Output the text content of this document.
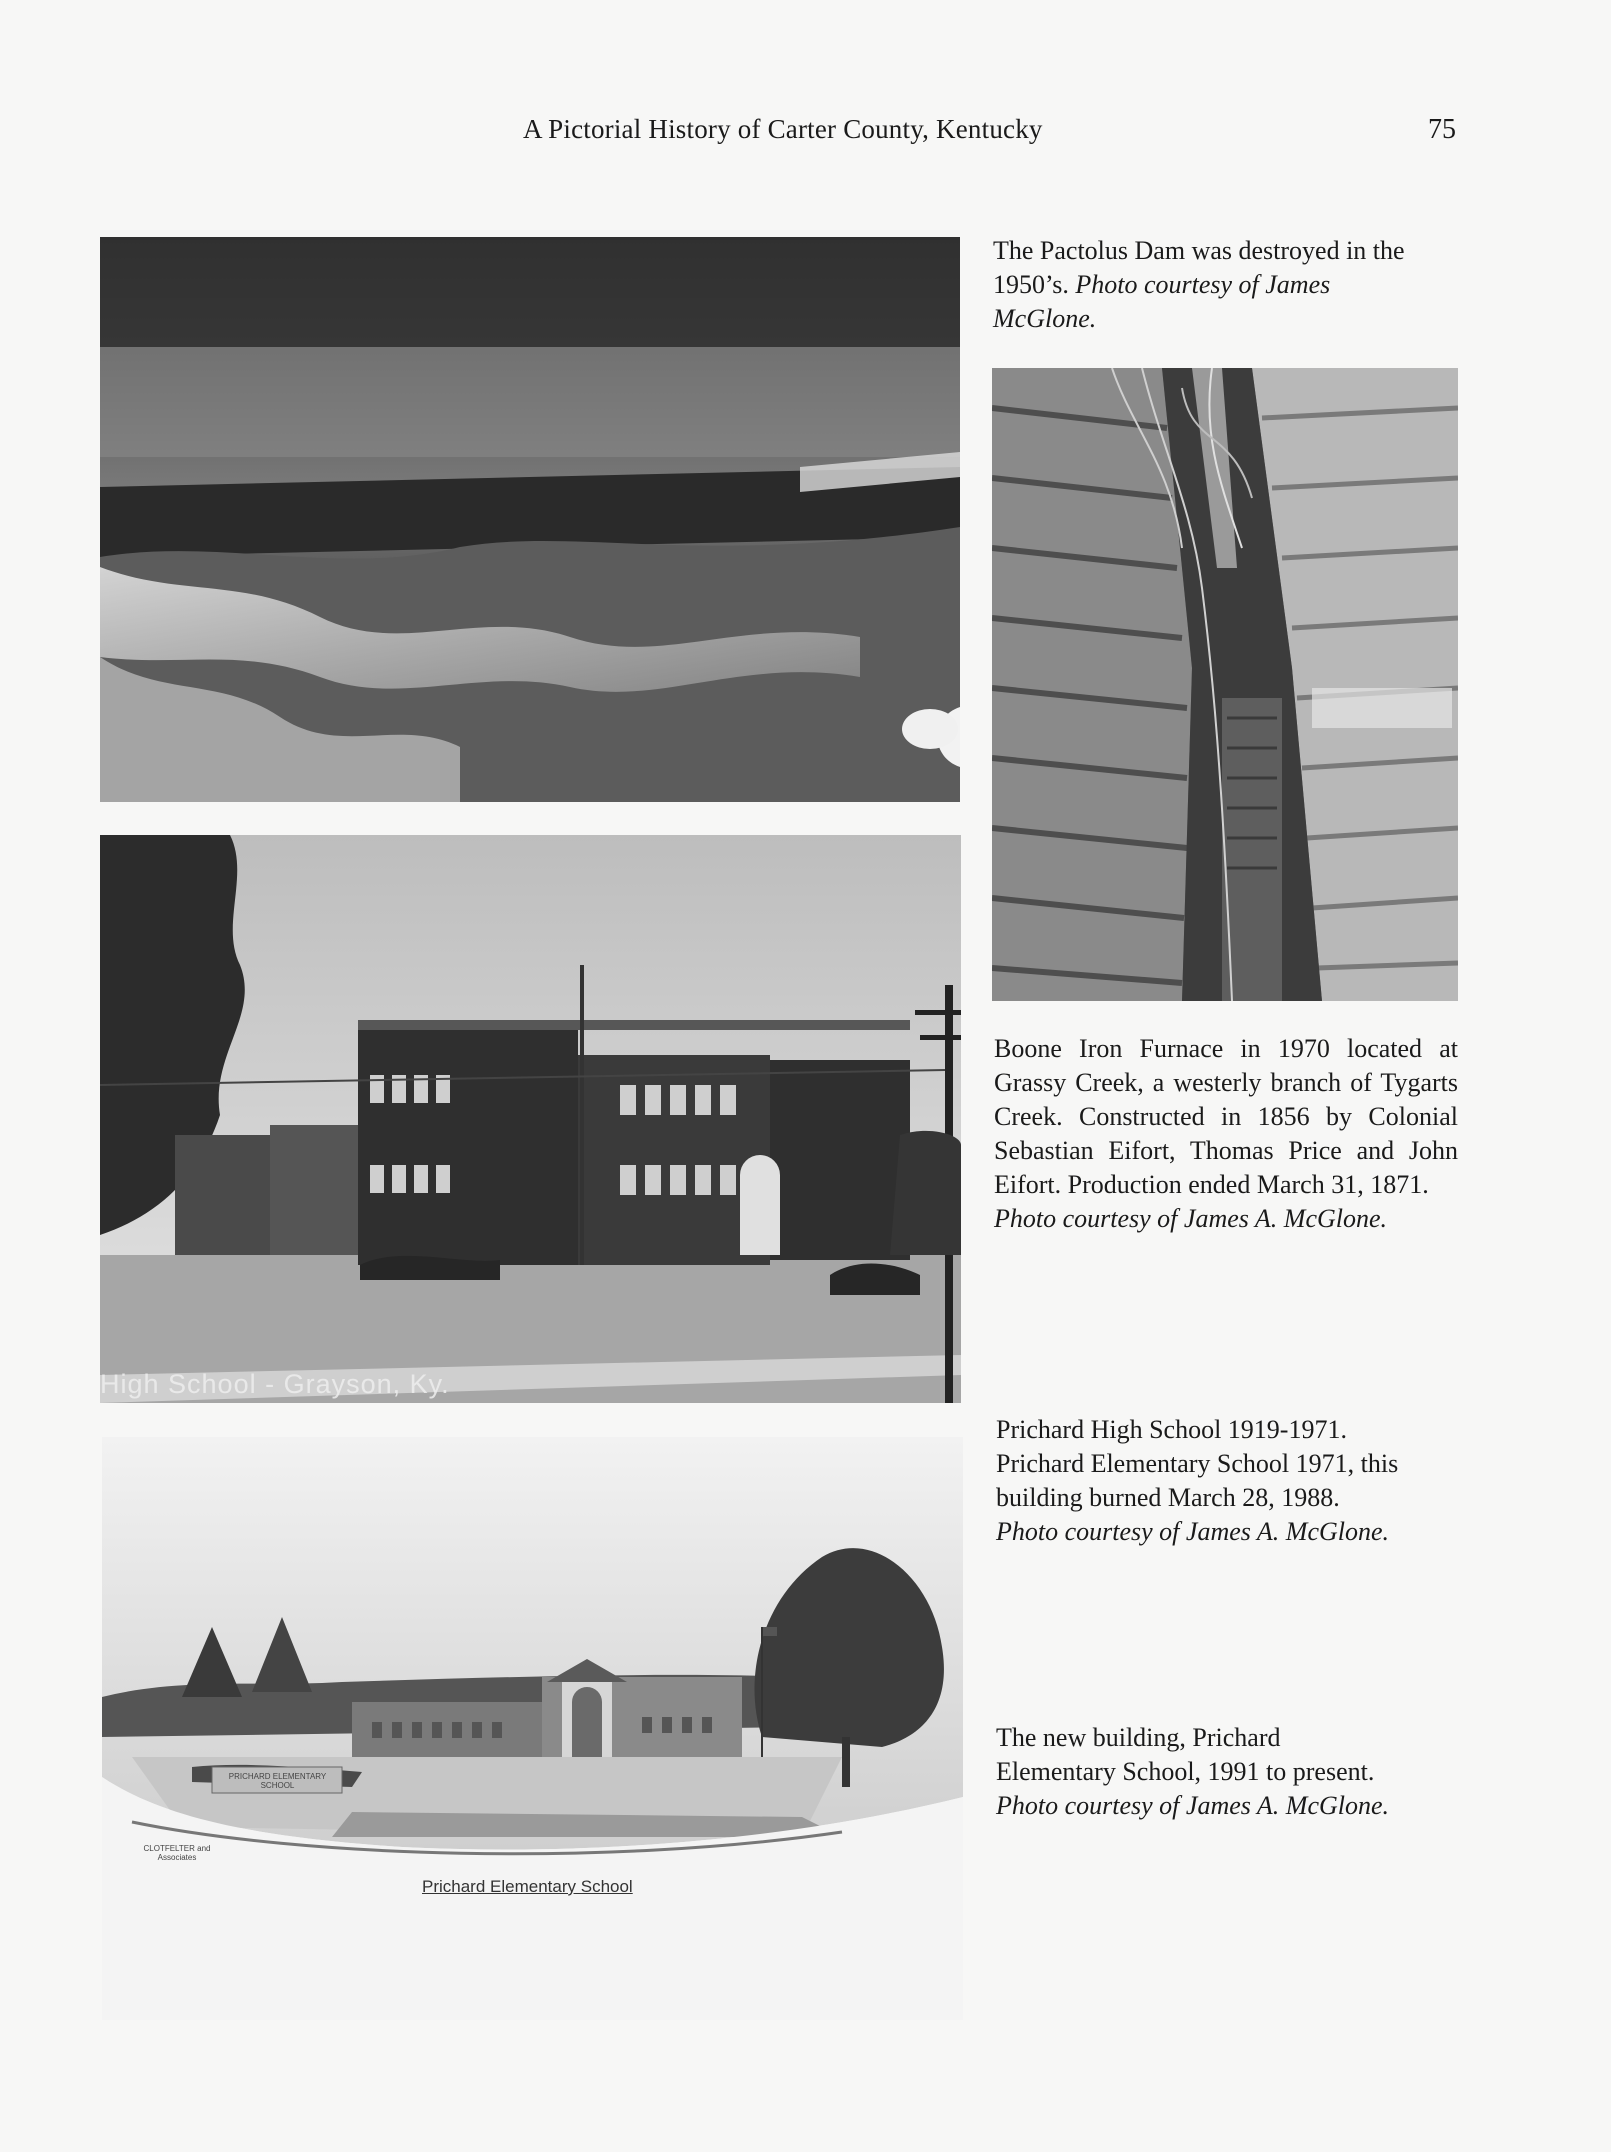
A Pictorial History of Carter County, Kentucky	75
The Pactolus Dam was destroyed in the
1950’s. Photo courtesy of James
McGlone.
Boone Iron Furnace in 1970 located at Grassy Creek, a westerly branch of Tygarts Creek. Constructed in 1856 by Colonial Sebastian Eifort, Thomas Price and John Eifort. Production ended March 31, 1871.
Photo courtesy of James A. McGlone.
High School - Grayson, Ky.
Prichard High School 1919-1971.
Prichard Elementary School 1971, this
building burned March 28, 1988.
Photo courtesy of James A. McGlone.
Prichard Elementary School
CLOTFELTER and Associates
PRICHARD ELEMENTARY SCHOOL
The new building, Prichard
Elementary School, 1991 to present.
Photo courtesy of James A. McGlone.
